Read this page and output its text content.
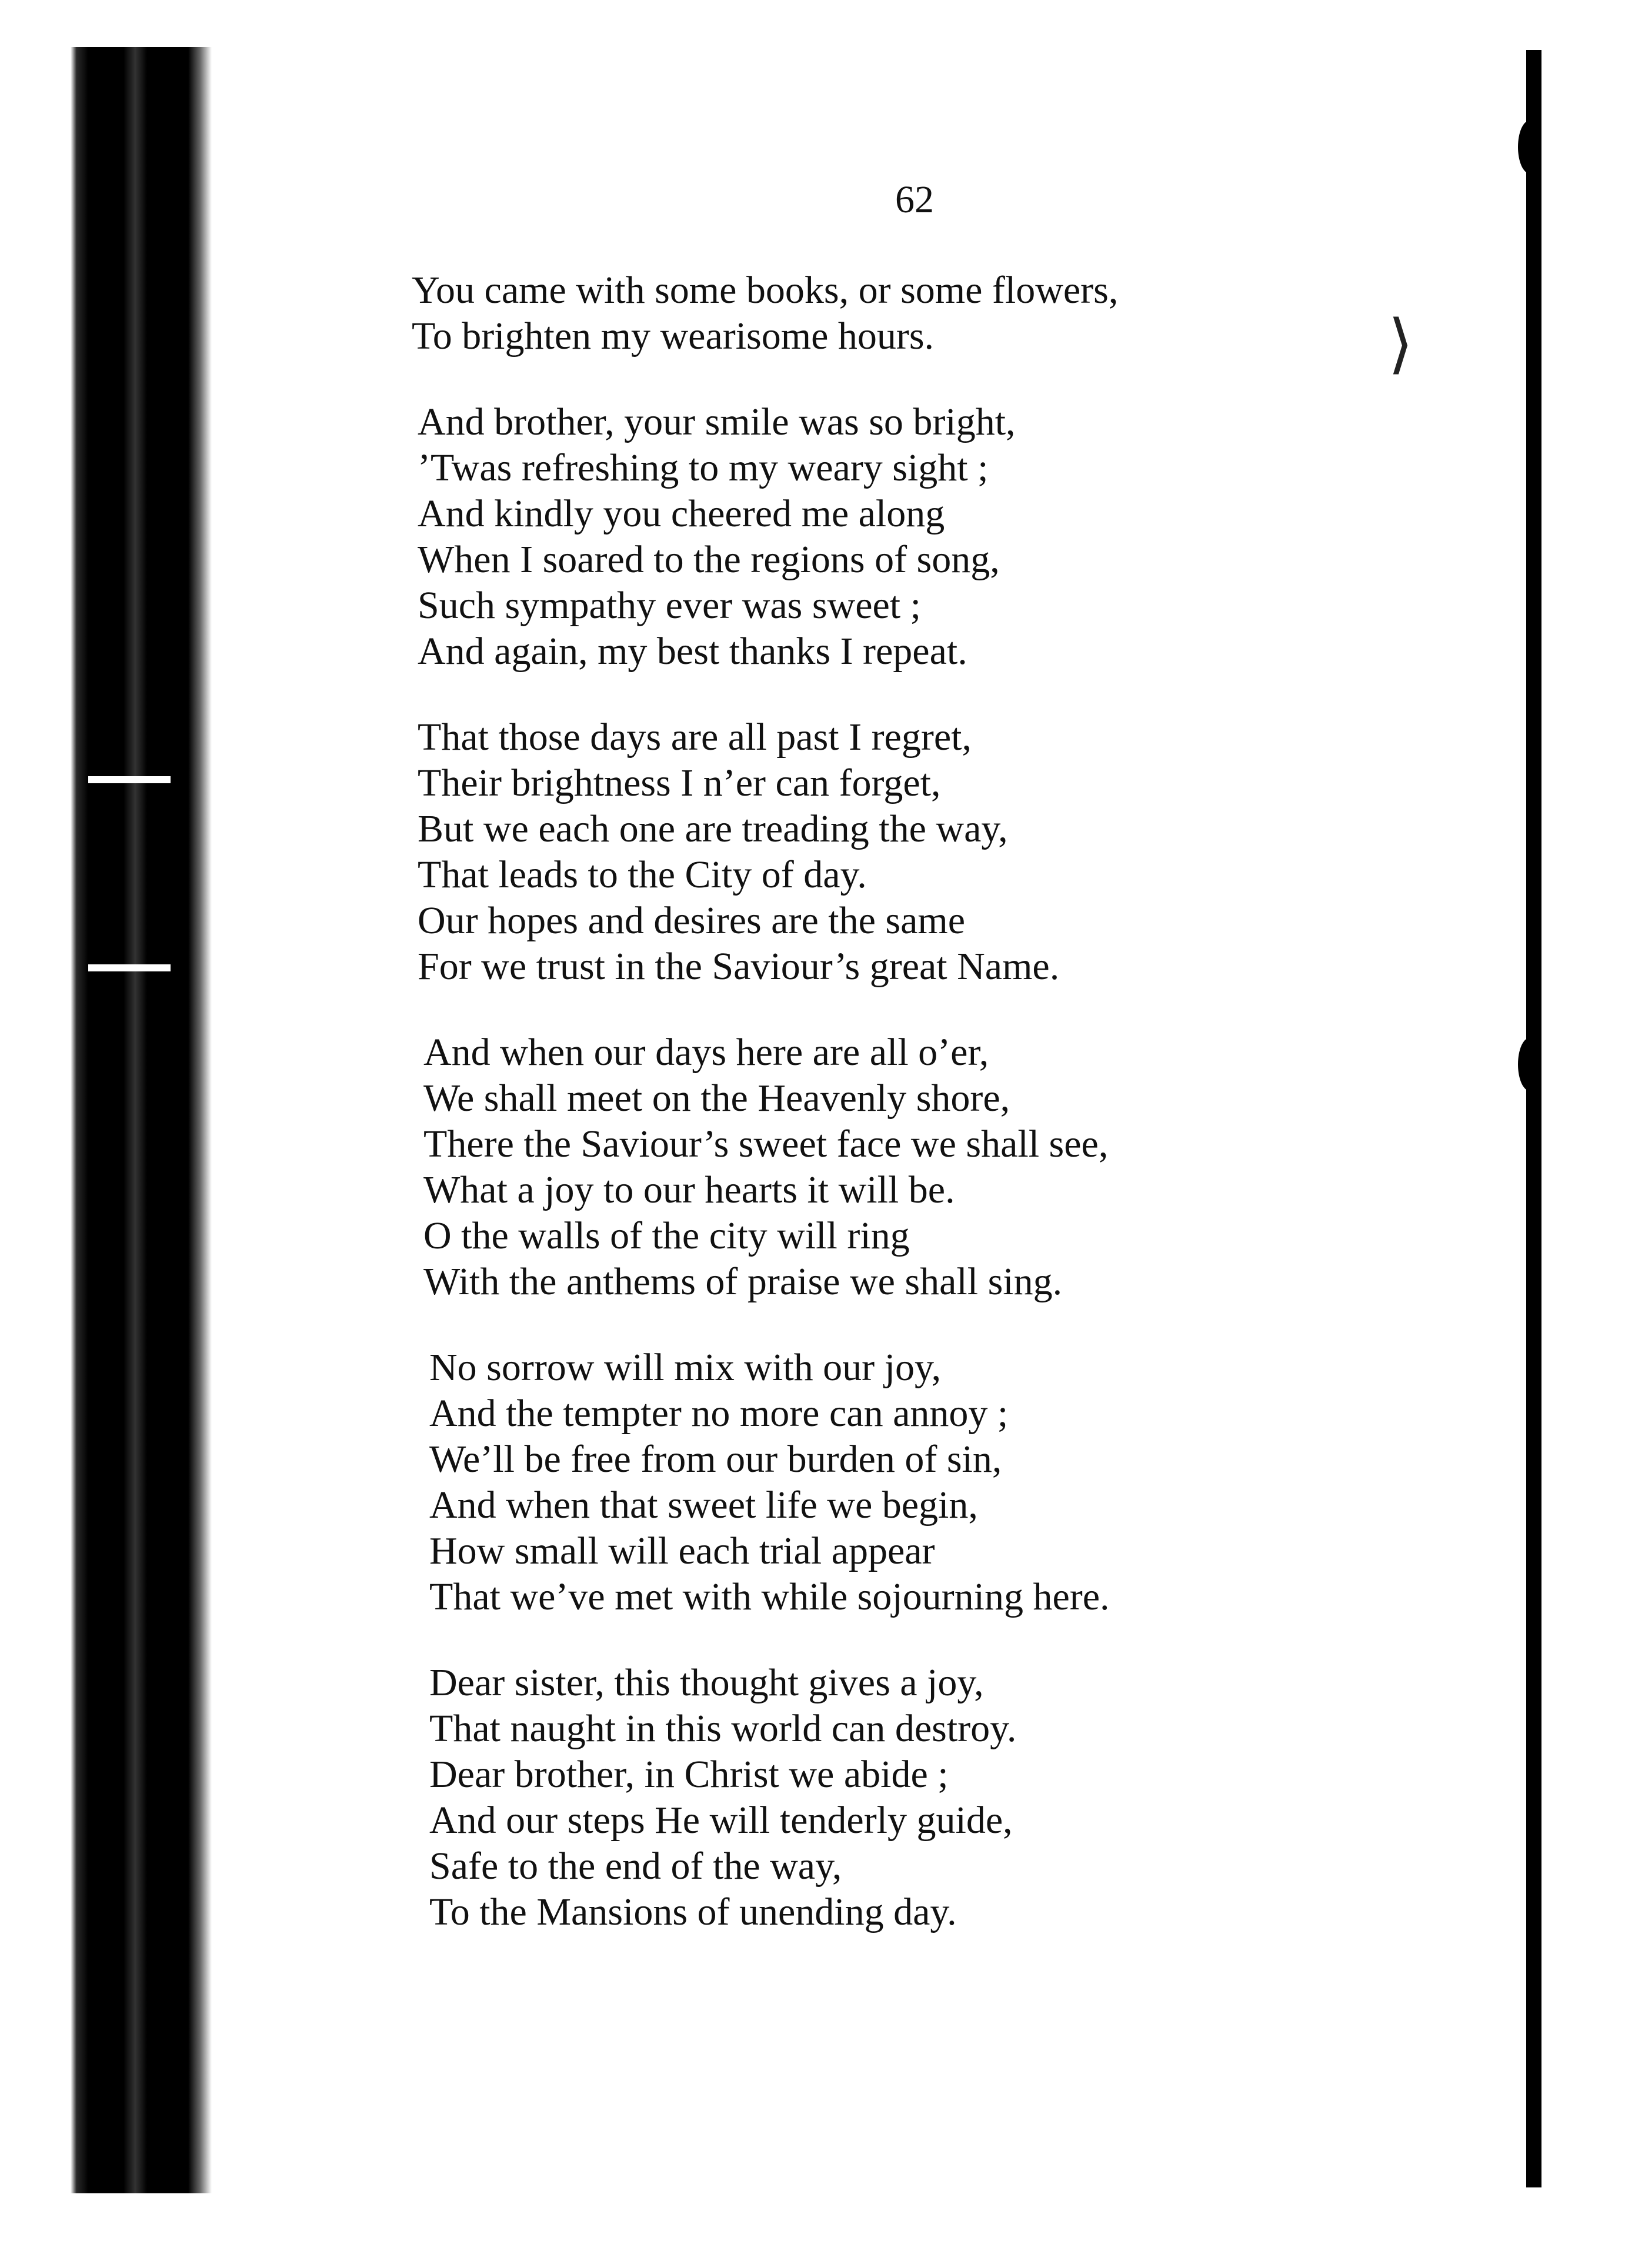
62
⟩
You came with some books, or some flowers,
To brighten my wearisome hours.
And brother, your smile was so bright,
’Twas refreshing to my weary sight ;
And kindly you cheered me along
When I soared to the regions of song,
Such sympathy ever was sweet ;
And again, my best thanks I repeat.
That those days are all past I regret,
Their brightness I n’er can forget,
But we each one are treading the way,
That leads to the City of day.
Our hopes and desires are the same
For we trust in the Saviour’s great Name.
And when our days here are all o’er,
We shall meet on the Heavenly shore,
There the Saviour’s sweet face we shall see,
What a joy to our hearts it will be.
O the walls of the city will ring
With the anthems of praise we shall sing.
No sorrow will mix with our joy,
And the tempter no more can annoy ;
We’ll be free from our burden of sin,
And when that sweet life we begin,
How small will each trial appear
That we’ve met with while sojourning here.
Dear sister, this thought gives a joy,
That naught in this world can destroy.
Dear brother, in Christ we abide ;
And our steps He will tenderly guide,
Safe to the end of the way,
To the Mansions of unending day.
